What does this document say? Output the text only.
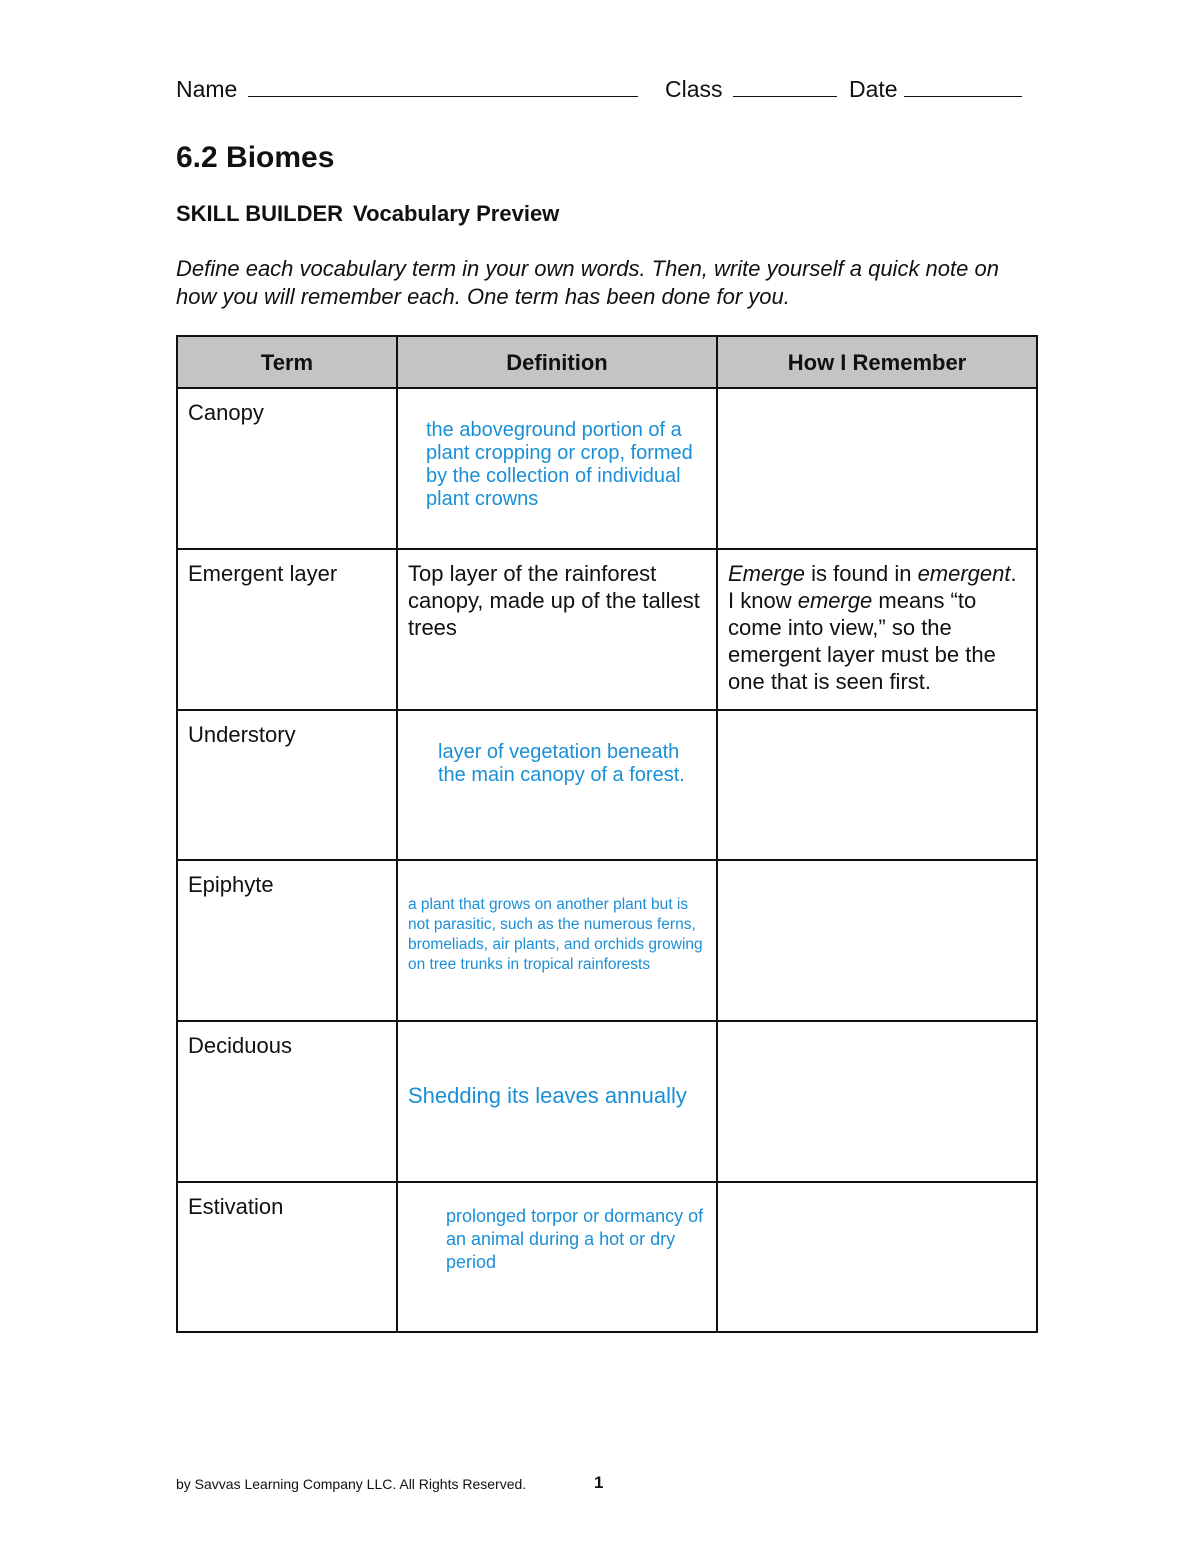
Name	Class	Date
6.2 Biomes
SKILL BUILDER Vocabulary Preview
Define each vocabulary term in your own words. Then, write yourself a quick note on how you will remember each. One term has been done for you.
Term	Definition	How I Remember
Canopy	the aboveground portion of a plant cropping or crop, formed by the collection of individual plant crowns	

Emergent layer	Top layer of the rainforest canopy, made up of the tallest trees	Emerge is found in emergent. I know emerge means “to come into view,” so the emergent layer must be the one that is seen first.
Understory	layer of vegetation beneath the main canopy of a forest.	

Epiphyte	a plant that grows on another plant but is not parasitic, such as the numerous ferns, bromeliads, air plants, and orchids growing on tree trunks in tropical rainforests	

Deciduous	Shedding its leaves annually	

Estivation	prolonged torpor or dormancy of an animal during a hot or dry period	

by Savvas Learning Company LLC. All Rights Reserved.	1
